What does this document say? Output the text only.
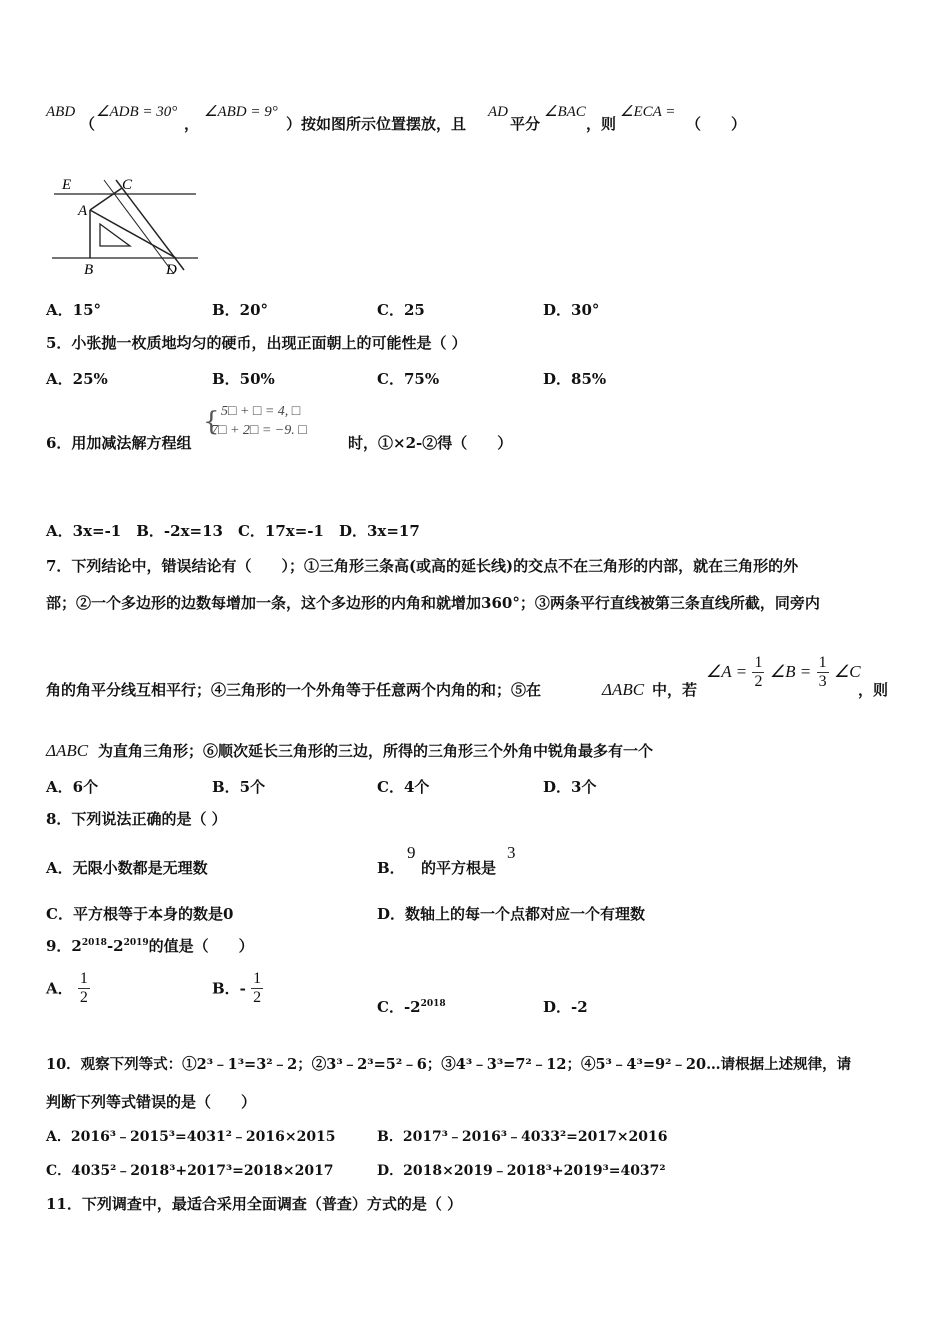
ABD
（
∠ADB = 30°
，
∠ABD = 9°
）按如图所示位置摆放，且
AD
平分
∠BAC
，则
∠ECA =
（　　）
E	C
A
B	D
A．15°	B．20°	C．25	D．30°
5．小张抛一枚质地均匀的硬币，出现正面朝上的可能性是（ ）
A．25%	B．50%	C．75%	D．85%
6．用加减法解方程组
{ 5□ + □ = 4, □
7□ + 2□ = −9. □
时，①×2-②得（　　）
A．3x=-1　B．-2x=13　C．17x=-1　D．3x=17
7．下列结论中，错误结论有（　　）；①三角形三条高(或高的延长线)的交点不在三角形的内部，就在三角形的外
部；②一个多边形的边数每增加一条，这个多边形的内角和就增加360°；③两条平行直线被第三条直线所截，同旁内
角的角平分线互相平行；④三角形的一个外角等于任意两个内角的和；⑤在	ΔABC 中，若
∠A = $\frac{1}{2}$ ∠B = $\frac{1}{3}$ ∠C
，则
ΔABC 为直角三角形；⑥顺次延长三角形的三边，所得的三角形三个外角中锐角最多有一个
A．6个	B．5个	C．4个	D．3个
8．下列说法正确的是（ ）
A．无限小数都是无理数	B．
9
的平方根是
3
C．平方根等于本身的数是0	D．数轴上的每一个点都对应一个有理数
9．$2^{2018}-2^{2019}$的值是（　　）
A． $\frac{1}{2}$	B．- $\frac{1}{2}$
C．$-2^{2018}$	D．-2
10．观察下列等式：①2³﹣1³=3²﹣2；②3³﹣2³=5²﹣6；③4³﹣3³=7²﹣12；④5³﹣4³=9²﹣20…请根据上述规律，请
判断下列等式错误的是（　　）
A．2016³﹣2015³=4031²﹣2016×2015	B．2017³﹣2016³﹣4033²=2017×2016
C．4035²﹣2018³+2017³=2018×2017	D．2018×2019﹣2018³+2019³=4037²
11．下列调查中，最适合采用全面调查（普查）方式的是（ ）
